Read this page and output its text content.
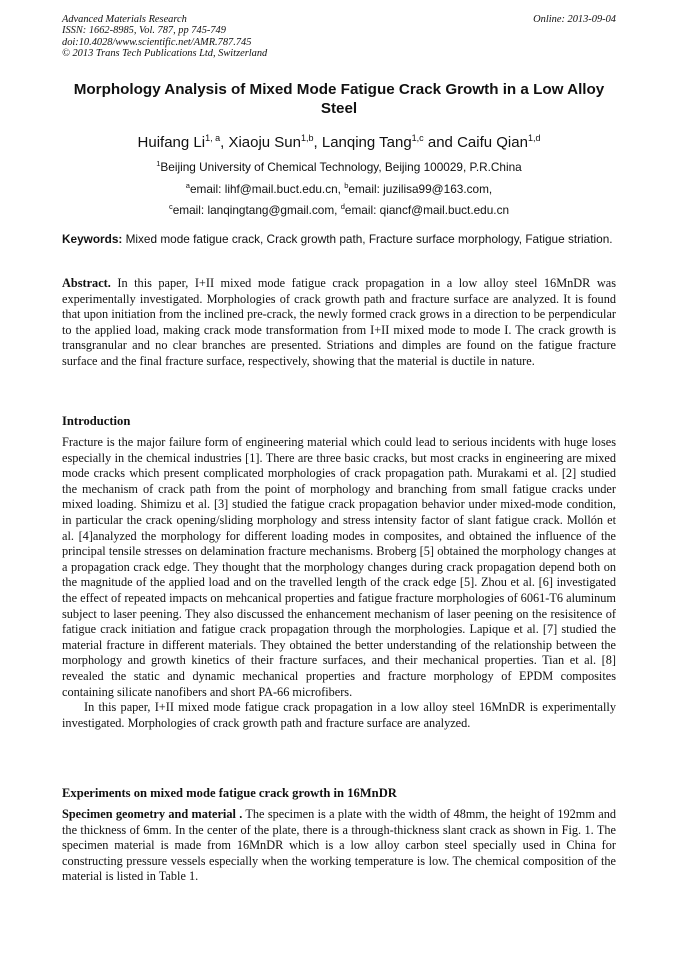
Advanced Materials Research
ISSN: 1662-8985, Vol. 787, pp 745-749
doi:10.4028/www.scientific.net/AMR.787.745
© 2013 Trans Tech Publications Ltd, Switzerland
Online: 2013-09-04
Morphology Analysis of Mixed Mode Fatigue Crack Growth in a Low Alloy Steel
Huifang Li$^{1, a}$, Xiaoju Sun$^{1,b}$, Lanqing Tang$^{1,c}$ and Caifu Qian$^{1,d}$
$^1$Beijing University of Chemical Technology, Beijing 100029, P.R.China
$^a$email: lihf@mail.buct.edu.cn, $^b$email: juzilisa99@163.com,
$^c$email: lanqingtang@gmail.com, $^d$email: qiancf@mail.buct.edu.cn
Keywords: Mixed mode fatigue crack, Crack growth path, Fracture surface morphology, Fatigue striation.
Abstract. In this paper, I+II mixed mode fatigue crack propagation in a low alloy steel 16MnDR was experimentally investigated. Morphologies of crack growth path and fracture surface are analyzed. It is found that upon initiation from the inclined pre-crack, the newly formed crack grows in a direction to be perpendicular to the applied load, making crack mode transformation from I+II mixed mode to mode I. The crack growth is transgranular and no clear branches are presented. Striations and dimples are found on the fatigue fracture surface and the final fracture surface, respectively, showing that the material is ductile in nature.
Introduction

Fracture is the major failure form of engineering material which could lead to serious incidents with huge loses especially in the chemical industries [1]. There are three basic cracks, but most cracks in engineering are mixed mode cracks which present complicated morphologies of crack propagation path. Murakami et al. [2] studied the mechanism of crack path from the point of morphology and branching from small fatigue cracks under mixed loading. Shimizu et al. [3] studied the fatigue crack propagation behavior under mixed-mode condition, in particular the crack opening/sliding morphology and stress intensity factor of slant fatigue crack. Mollón et al. [4]analyzed the morphology for different loading modes in composites, and obtained the influence of the principal tensile stresses on delamination fracture mechanisms. Broberg [5] obtained the morphology changes at a propagation crack edge. They thought that the morphology changes during crack propagation depend both on the magnitude of the applied load and on the travelled length of the crack edge [5]. Zhou et al. [6] investigated the effect of repeated impacts on mehcanical properties and fatigue fracture morphologies of 6061-T6 aluminum subject to laser peening. They also discussed the enhancement mechanism of laser peening on the resisitence of fatigue crack initiation and fatigue crack propagation through the morphologies. Lapique et al. [7] studied the material fracture in different materials. They obtained the better understanding of the relationship between the morphology and growth kinetics of their fracture surfaces, and their mechanical properties. Tian et al. [8] revealed the static and dynamic mechanical properties and fracture morphology of EPDM composites containing silicate nanofibers and short PA-66 microfibers.

In this paper, I+II mixed mode fatigue crack propagation in a low alloy steel 16MnDR is experimentally investigated. Morphologies of crack growth path and fracture surface are analyzed.

Experiments on mixed mode fatigue crack growth in 16MnDR
Specimen geometry and material . The specimen is a plate with the width of 48mm, the height of 192mm and the thickness of 6mm. In the center of the plate, there is a through-thickness slant crack as shown in Fig. 1. The specimen material is made from 16MnDR which is a low alloy carbon steel specially used in China for constructing pressure vessels especially when the working temperature is low. The chemical composition of the material is listed in Table 1.
